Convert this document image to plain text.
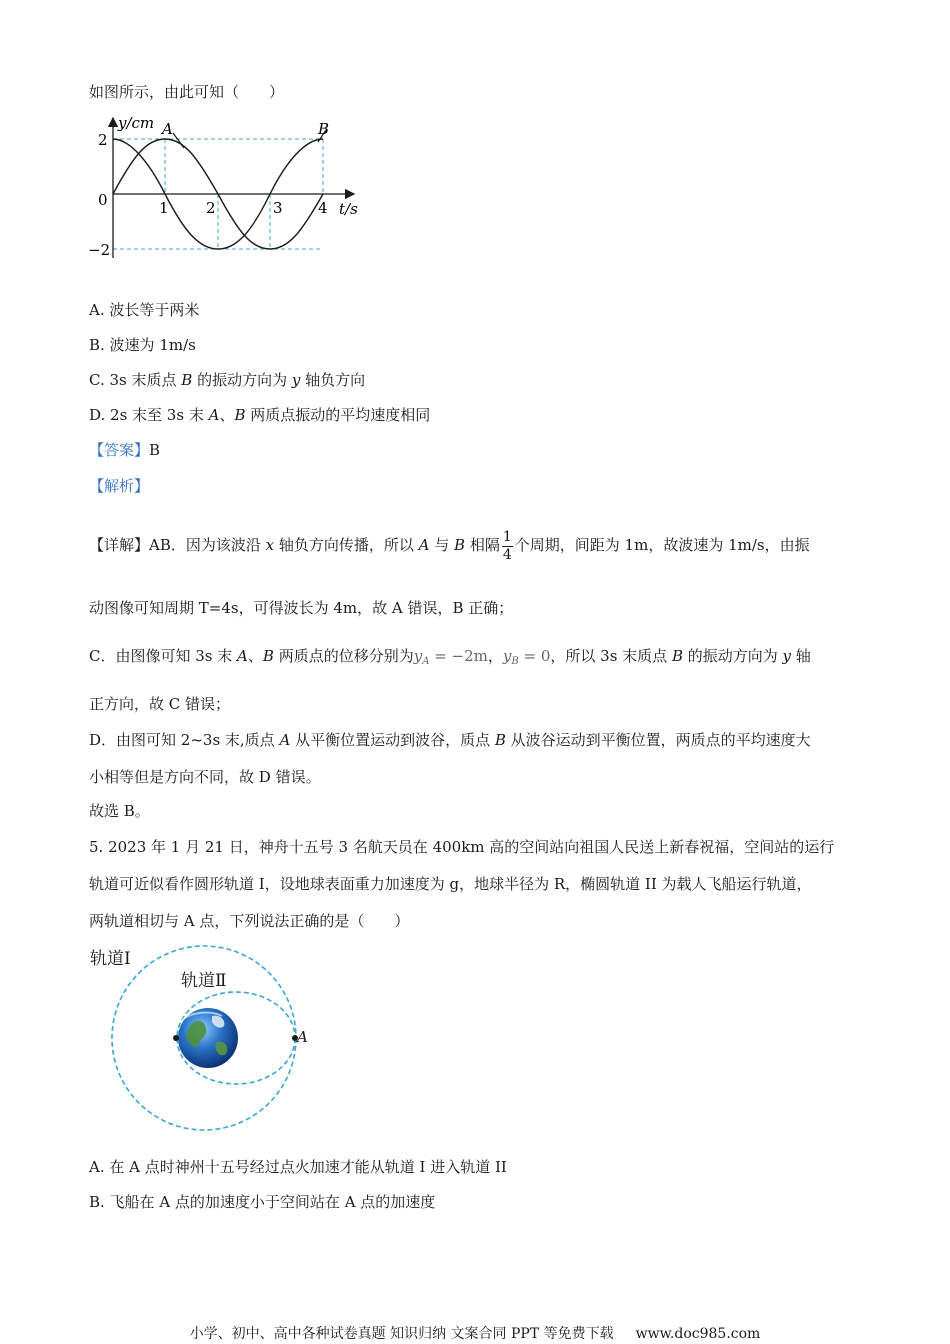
如图所示，由此可知（　　）
y/cm
t/s
2
0
−2
1 2	3 4
A	B
A. 波长等于两米
B. 波速为 1m/s
C. 3s 末质点 B 的振动方向为 y 轴负方向
D. 2s 末至 3s 末 A、B 两质点振动的平均速度相同
【答案】B
【解析】
【详解】AB．因为该波沿 x 轴负方向传播，所以 A 与 B 相隔 $\frac{1}{4}$ 个周期，间距为 1m，故波速为 1m/s，由振
动图像可知周期 T=4s，可得波长为 4m，故 A 错误，B 正确；
C．由图像可知 3s 末 A、B 两质点的位移分别为$y_A = -2m$，$y_B = 0$，所以 3s 末质点 B 的振动方向为 y 轴
正方向，故 C 错误；
D．由图可知 2~3s 末,质点 A 从平衡位置运动到波谷，质点 B 从波谷运动到平衡位置，两质点的平均速度大
小相等但是方向不同，故 D 错误。
故选 B。
5. 2023 年 1 月 21 日，神舟十五号 3 名航天员在 400km 高的空间站向祖国人民送上新春祝福，空间站的运行
轨道可近似看作圆形轨道 I，设地球表面重力加速度为 g，地球半径为 R，椭圆轨道 II 为载人飞船运行轨道，
两轨道相切与 A 点，下列说法正确的是（　　）
轨道Ⅰ
轨道Ⅱ
A
A. 在 A 点时神州十五号经过点火加速才能从轨道 I 进入轨道 II
B. 飞船在 A 点的加速度小于空间站在 A 点的加速度
小学、初中、高中各种试卷真题 知识归纳 文案合同 PPT 等免费下载 www.doc985.com
